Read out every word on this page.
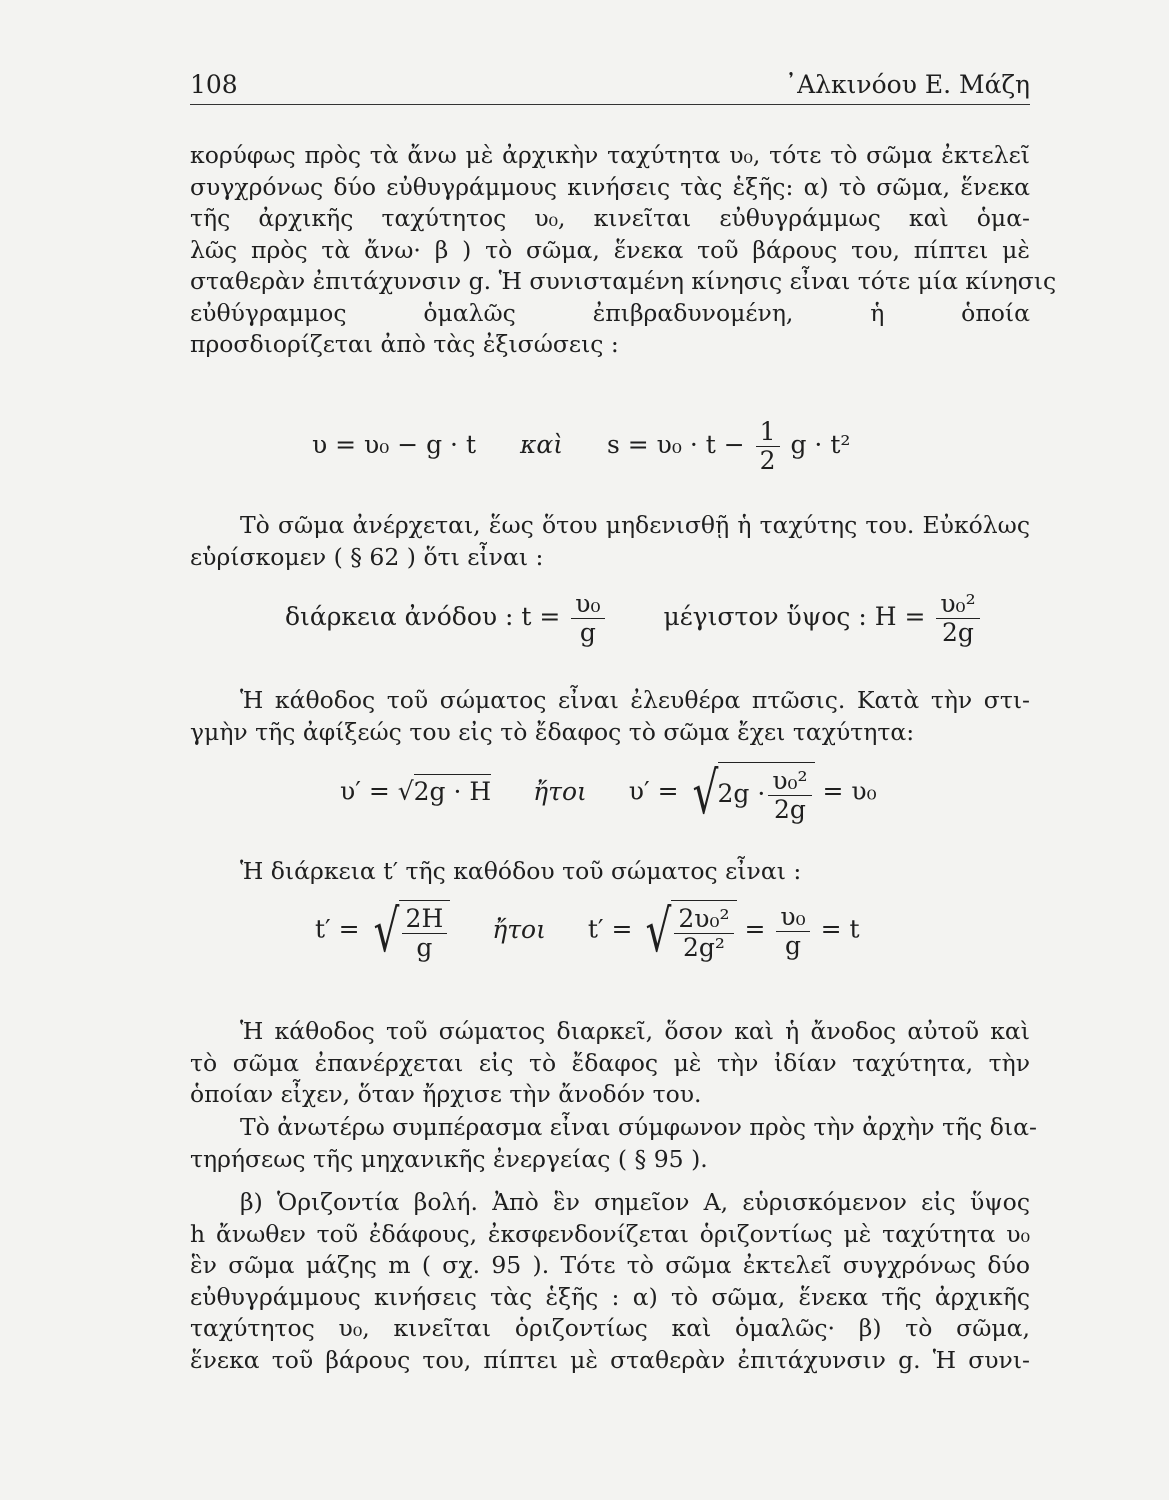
108	᾿Αλκινόου Ε. Μάζη
κορύφως πρὸς τὰ ἄνω μὲ ἀρχικὴν ταχύτητα υ₀, τότε τὸ σῶμα ἐκτελεῖ
συγχρόνως δύο εὐθυγράμμους κινήσεις τὰς ἑξῆς: α) τὸ σῶμα, ἕνεκα
τῆς ἀρχικῆς ταχύτητος υ₀, κινεῖται εὐθυγράμμως καὶ ὁμα-
λῶς πρὸς τὰ ἄνω· β ) τὸ σῶμα, ἕνεκα τοῦ βάρους του, πίπτει μὲ
σταθερὰν ἐπιτάχυνσιν g. Ἡ συνισταμένη κίνησις εἶναι τότε μία κίνησις
εὐθύγραμμος ὁμαλῶς ἐπιβραδυνομένη, ἡ ὁποία
προσδιορίζεται ἀπὸ τὰς ἐξισώσεις :
υ = υ₀ − g · t καὶ $s = \upsilon_0 \cdot t - \frac{1}{2}$ g · t²
Τὸ σῶμα ἀνέρχεται, ἕως ὅτου μηδενισθῇ ἡ ταχύτης του. Εὐκόλως
εὑρίσκομεν ( § 62 ) ὅτι εἶναι :
διάρκεια ἀνόδου : $t = \frac{\text{υ₀}}{g}$ μέγιστον ὕψος : $H = \frac{\text{υ₀²}}{2g}$
Ἡ κάθοδος τοῦ σώματος εἶναι ἐλευθέρα πτῶσις. Κατὰ τὴν στι-
γμὴν τῆς ἀφίξεώς του εἰς τὸ ἔδαφος τὸ σῶμα ἔχει ταχύτητα:
υ′ = √2g · H ἤτοι $\upsilon' = √2g \cdot \frac{\text{υ₀²}}{2g} = \upsilon_0$
Ἡ διάρκεια t′ τῆς καθόδου τοῦ σώματος εἶναι :
t′ = √ $\frac{2H}{g}$ ἤτοι t′ = √ $\frac{\text{2υ₀²}}{\text{2g²}} = \frac{\text{υ₀}}{g} = t$
Ἡ κάθοδος τοῦ σώματος διαρκεῖ, ὅσον καὶ ἡ ἄνοδος αὐτοῦ καὶ
τὸ σῶμα ἐπανέρχεται εἰς τὸ ἔδαφος μὲ τὴν ἰδίαν ταχύτητα, τὴν
ὁποίαν εἶχεν, ὅταν ἤρχισε τὴν ἄνοδόν του.
Τὸ ἀνωτέρω συμπέρασμα εἶναι σύμφωνον πρὸς τὴν ἀρχὴν τῆς δια-
τηρήσεως τῆς μηχανικῆς ἐνεργείας ( § 95 ).
β) Ὁριζοντία βολή. Ἀπὸ ἓν σημεῖον Α, εὑρισκόμενον εἰς ὕψος
h ἄνωθεν τοῦ ἐδάφους, ἐκσφενδονίζεται ὁριζοντίως μὲ ταχύτητα υ₀
ἓν σῶμα μάζης m ( σχ. 95 ). Τότε τὸ σῶμα ἐκτελεῖ συγχρόνως δύο
εὐθυγράμμους κινήσεις τὰς ἑξῆς : α) τὸ σῶμα, ἕνεκα τῆς ἀρχικῆς
ταχύτητος υ₀, κινεῖται ὁριζοντίως καὶ ὁμαλῶς· β) τὸ σῶμα,
ἕνεκα τοῦ βάρους του, πίπτει μὲ σταθερὰν ἐπιτάχυνσιν g. Ἡ συνι-
